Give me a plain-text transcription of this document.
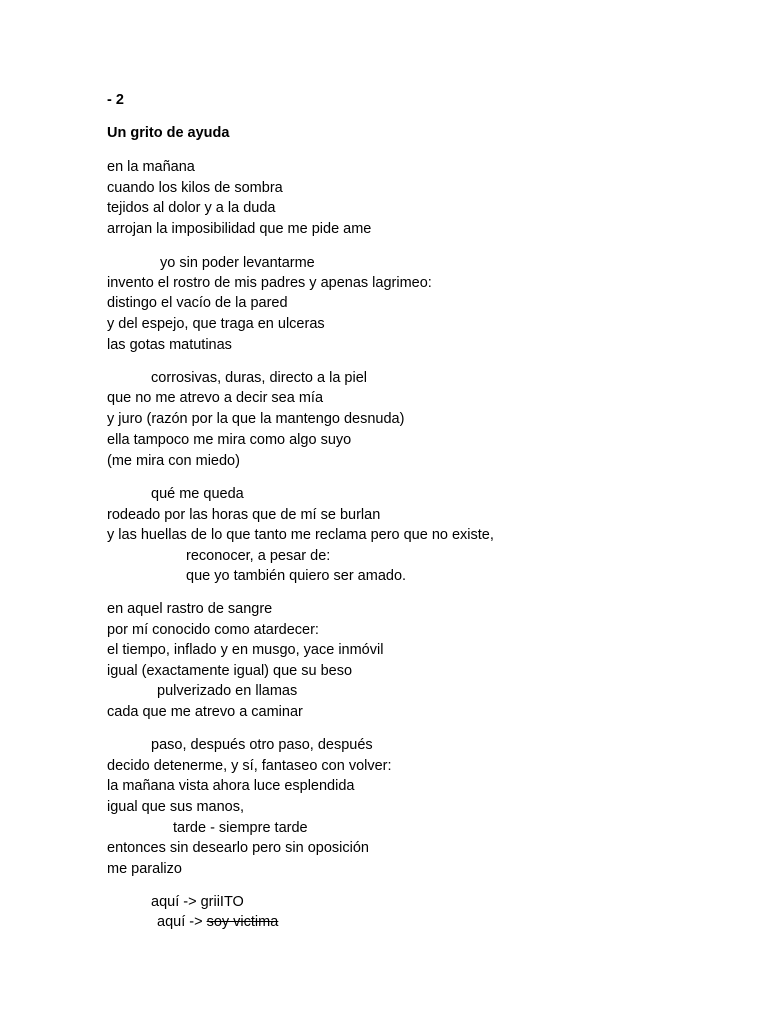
- 2
Un grito de ayuda
en la mañana
cuando los kilos de sombra
tejidos al dolor y a la duda
arrojan la imposibilidad que me pide ame
yo sin poder levantarme
invento el rostro de mis padres y apenas lagrimeo:
distingo el vacío de la pared
y del espejo, que traga en ulceras
las gotas matutinas
corrosivas, duras, directo a la piel
que no me atrevo a decir sea mía
y juro (razón por la que la mantengo desnuda)
ella tampoco me mira como algo suyo
(me mira con miedo)
qué me queda
rodeado por las horas que de mí se burlan
y las huellas de lo que tanto me reclama pero que no existe,
reconocer, a pesar de:
que yo también quiero ser amado.
en aquel rastro de sangre
por mí conocido como atardecer:
el tiempo, inflado y en musgo, yace inmóvil
igual (exactamente igual) que su beso
pulverizado en llamas
cada que me atrevo a caminar
paso, después otro paso, después
decido detenerme, y sí, fantaseo con volver:
la mañana vista ahora luce esplendida
igual que sus manos,
tarde - siempre tarde
entonces sin desearlo pero sin oposición
me paralizo
aquí -> griiITO
aquí -> soy victima
